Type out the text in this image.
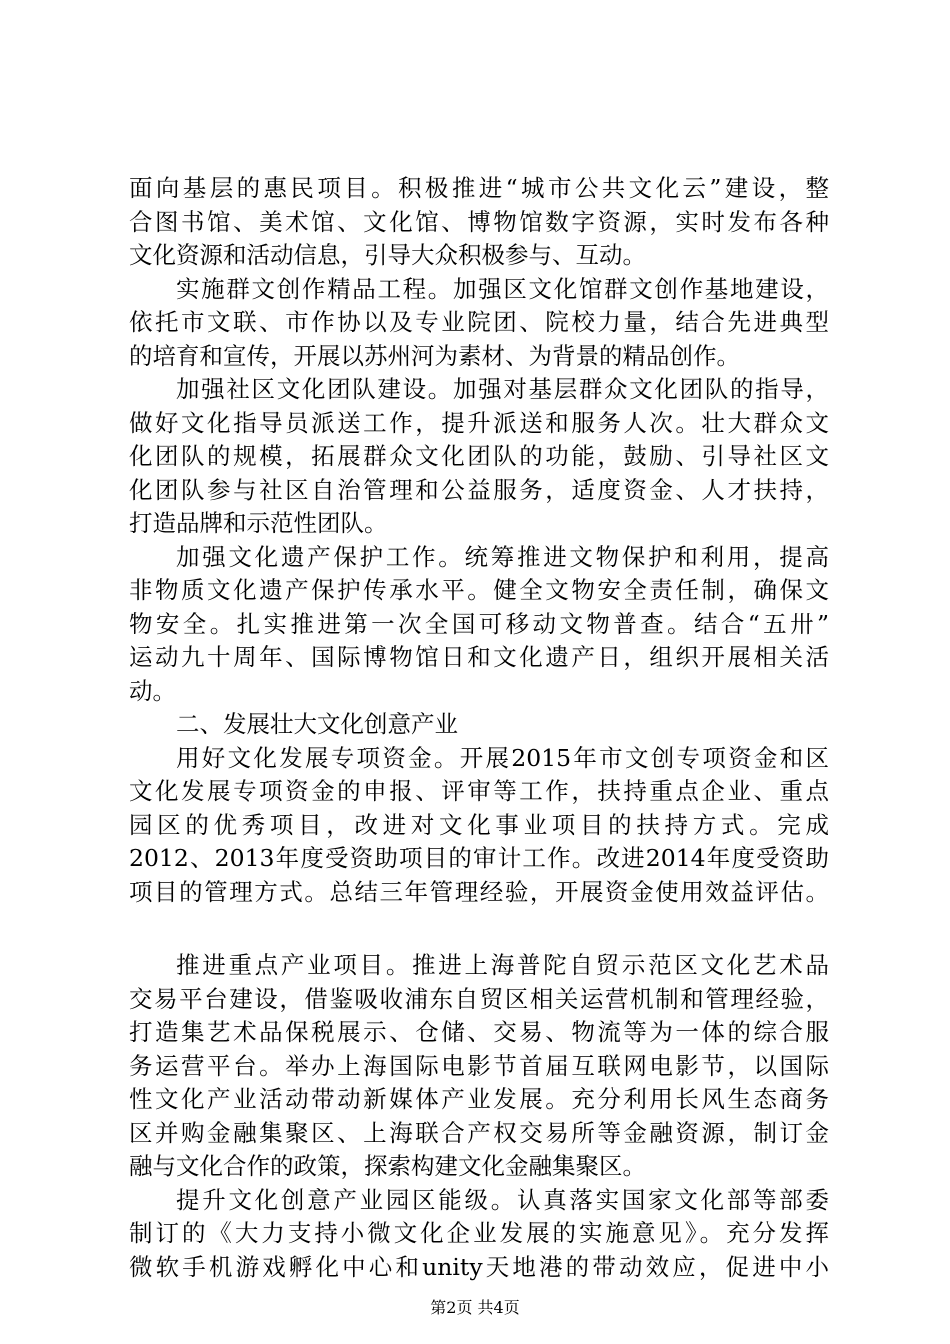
面向基层的惠民项目。积极推进“城市公共文化云”建设，整
合图书馆、美术馆、文化馆、博物馆数字资源，实时发布各种
文化资源和活动信息，引导大众积极参与、互动。
实施群文创作精品工程。加强区文化馆群文创作基地建设，
依托市文联、市作协以及专业院团、院校力量，结合先进典型
的培育和宣传，开展以苏州河为素材、为背景的精品创作。
加强社区文化团队建设。加强对基层群众文化团队的指导，
做好文化指导员派送工作，提升派送和服务人次。壮大群众文
化团队的规模，拓展群众文化团队的功能，鼓励、引导社区文
化团队参与社区自治管理和公益服务，适度资金、人才扶持，
打造品牌和示范性团队。
加强文化遗产保护工作。统筹推进文物保护和利用，提高
非物质文化遗产保护传承水平。健全文物安全责任制，确保文
物安全。扎实推进第一次全国可移动文物普查。结合“五卅”
运动九十周年、国际博物馆日和文化遗产日，组织开展相关活
动。
二、发展壮大文化创意产业
用好文化发展专项资金。开展2015年市文创专项资金和区
文化发展专项资金的申报、评审等工作，扶持重点企业、重点
园区的优秀项目，改进对文化事业项目的扶持方式。完成
2012、2013年度受资助项目的审计工作。改进2014年度受资助
项目的管理方式。总结三年管理经验，开展资金使用效益评估。
推进重点产业项目。推进上海普陀自贸示范区文化艺术品
交易平台建设，借鉴吸收浦东自贸区相关运营机制和管理经验，
打造集艺术品保税展示、仓储、交易、物流等为一体的综合服
务运营平台。举办上海国际电影节首届互联网电影节，以国际
性文化产业活动带动新媒体产业发展。充分利用长风生态商务
区并购金融集聚区、上海联合产权交易所等金融资源，制订金
融与文化合作的政策，探索构建文化金融集聚区。
提升文化创意产业园区能级。认真落实国家文化部等部委
制订的《大力支持小微文化企业发展的实施意见》。充分发挥
微软手机游戏孵化中心和unity天地港的带动效应，促进中小
第2页 共4页
